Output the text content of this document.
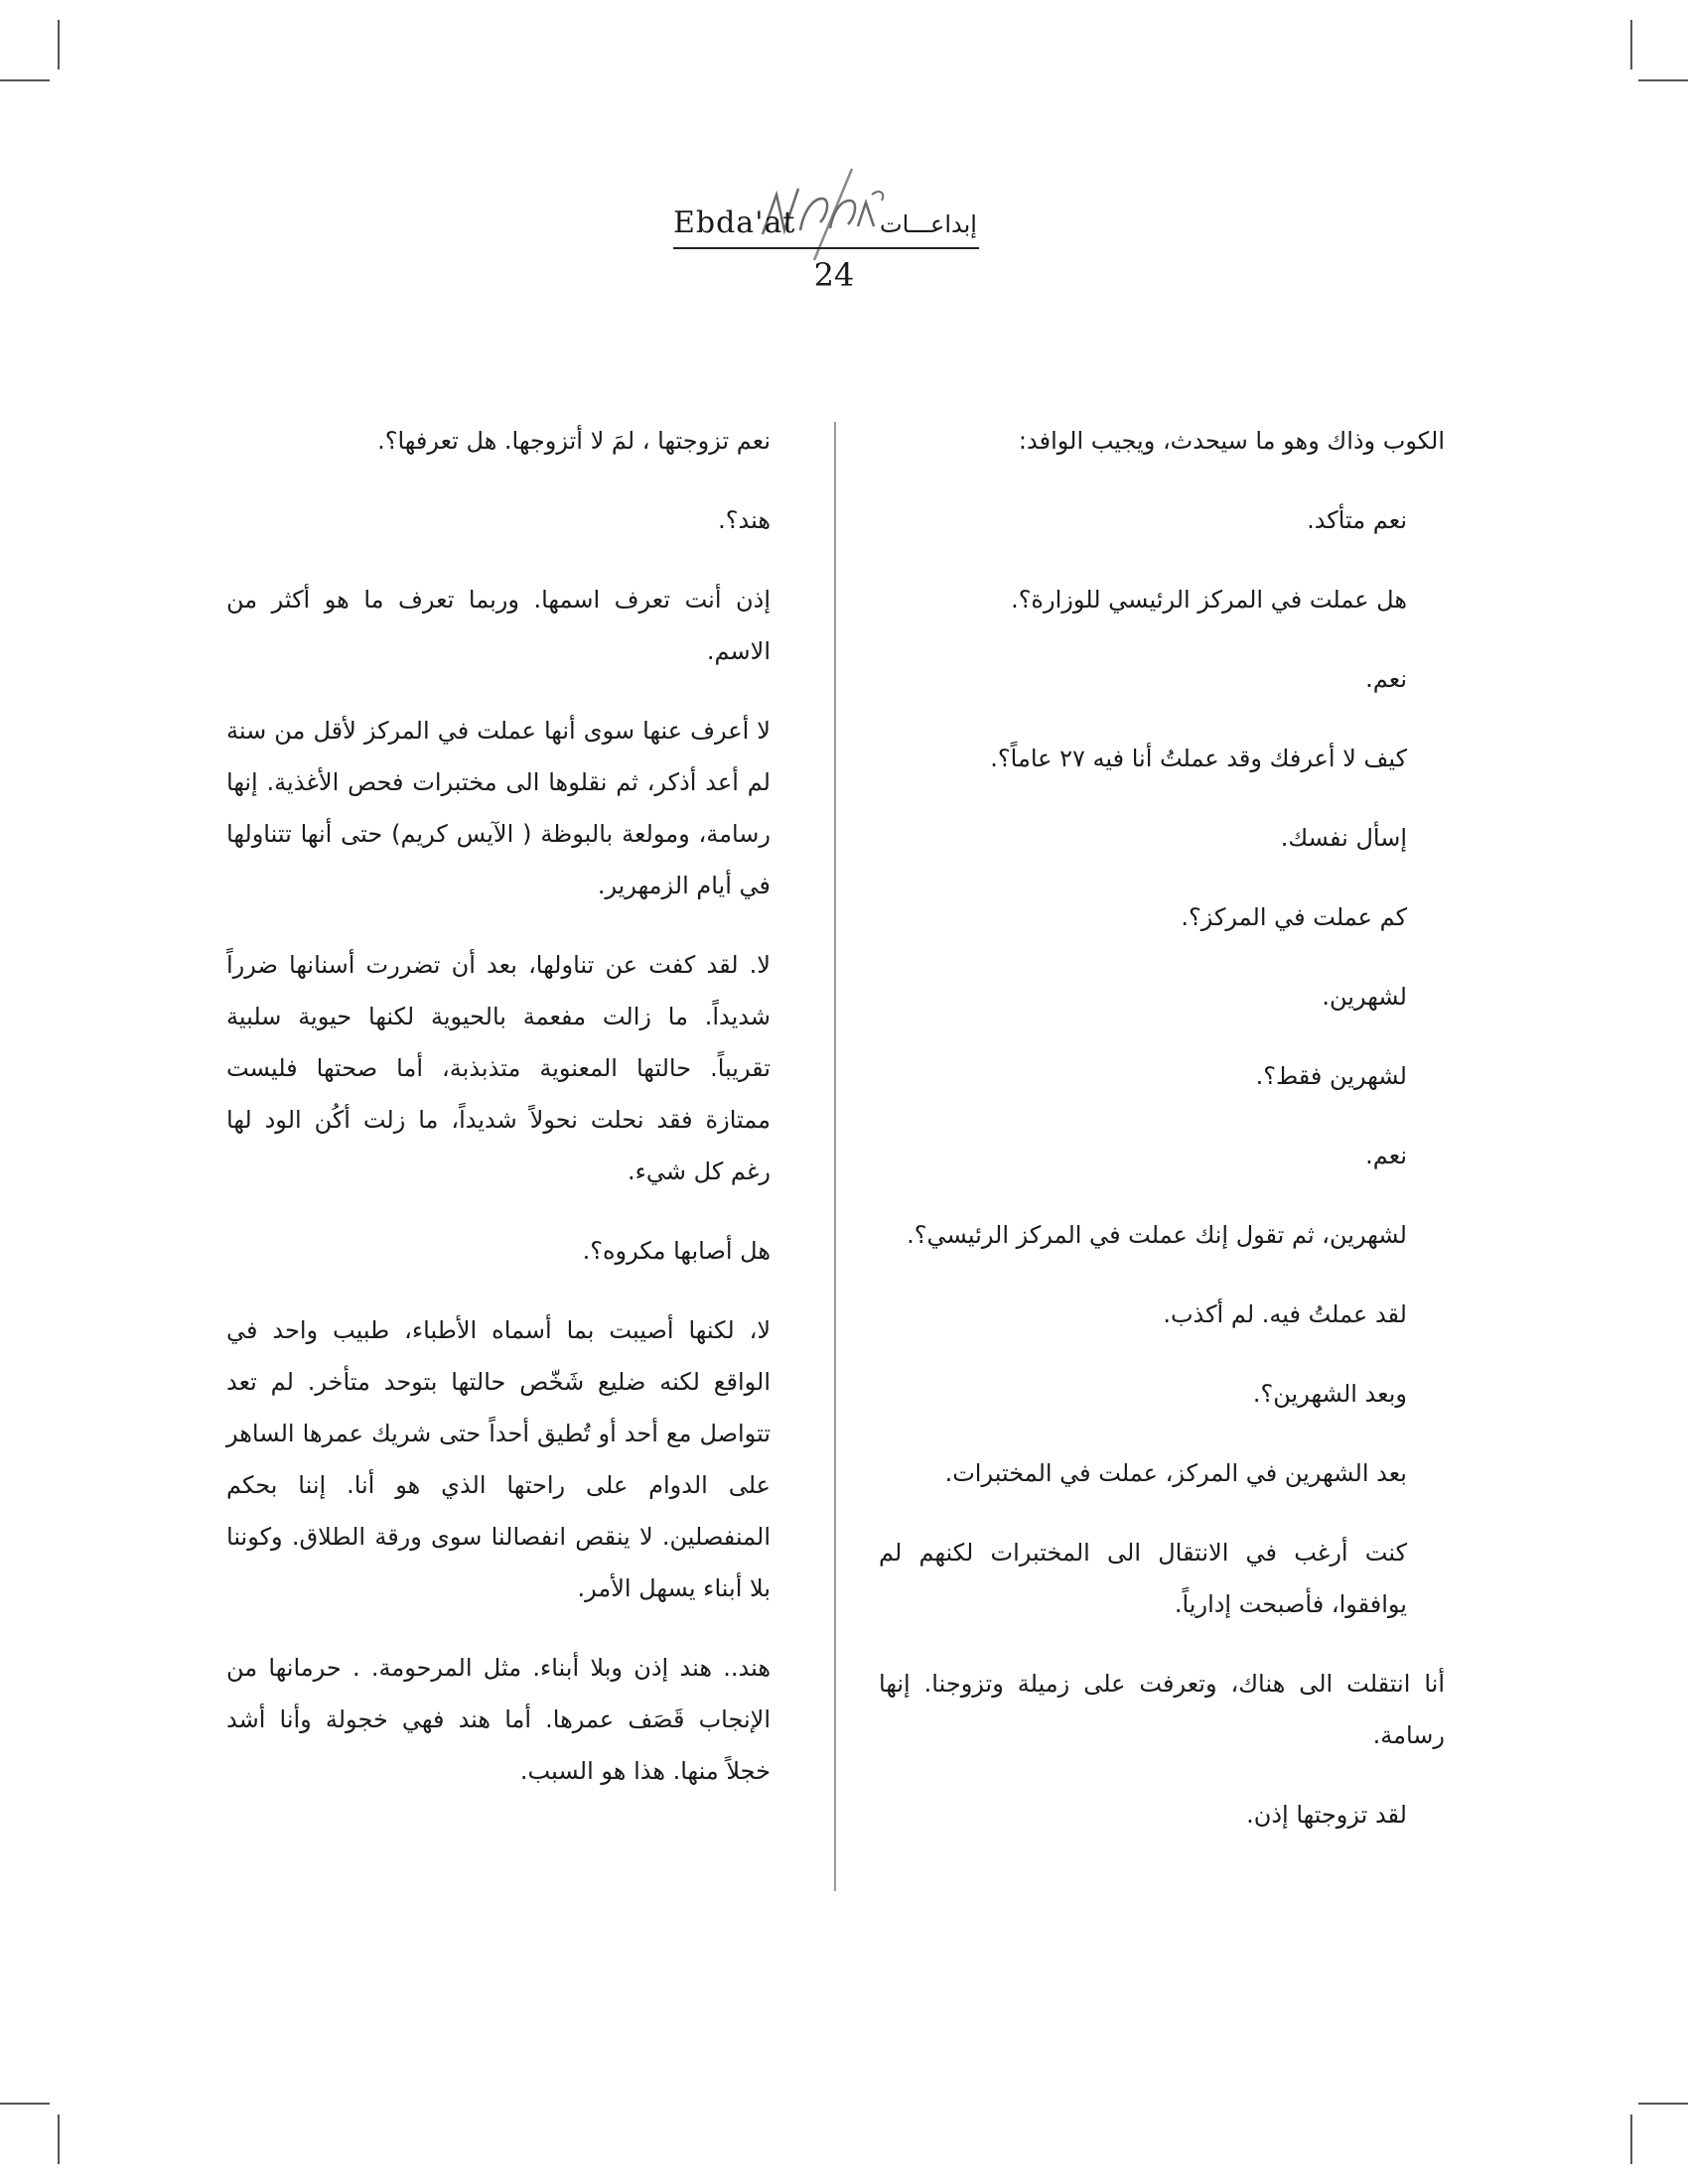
Ebda'at	إبداعـــات
24

الكوب وذاك وهو ما سيحدث، ويجيب الوافد:

نعم متأكد.

هل عملت في المركز الرئيسي للوزارة؟.

نعم.

كيف لا أعرفك وقد عملتُ أنا فيه ٢٧ عاماً؟.

إسأل نفسك.

كم عملت في المركز؟.

لشهرين.

لشهرين فقط؟.

نعم.

لشهرين، ثم تقول إنك عملت في المركز الرئيسي؟.

لقد عملتُ فيه. لم أكذب.

وبعد الشهرين؟.

بعد الشهرين في المركز، عملت في المختبرات.

كنت أرغب في الانتقال الى المختبرات لكنهم لم يوافقوا، فأصبحت إدارياً.

أنا انتقلت الى هناك، وتعرفت على زميلة وتزوجنا. إنها رسامة.

لقد تزوجتها إذن.

نعم تزوجتها ، لمَ لا أتزوجها. هل تعرفها؟.

هند؟.

إذن أنت تعرف اسمها. وربما تعرف ما هو أكثر من الاسم.

لا أعرف عنها سوى أنها عملت في المركز لأقل من سنة لم أعد أذكر، ثم نقلوها الى مختبرات فحص الأغذية. إنها رسامة، ومولعة بالبوظة ( الآيس كريم) حتى أنها تتناولها في أيام الزمهرير.

لا. لقد كفت عن تناولها، بعد أن تضررت أسنانها ضرراً شديداً. ما زالت مفعمة بالحيوية لكنها حيوية سلبية تقريباً. حالتها المعنوية متذبذبة، أما صحتها فليست ممتازة فقد نحلت نحولاً شديداً، ما زلت أكُن الود لها رغم كل شيء.

هل أصابها مكروه؟.

لا، لكنها أصيبت بما أسماه الأطباء، طبيب واحد في الواقع لكنه ضليع شَخّص حالتها بتوحد متأخر. لم تعد تتواصل مع أحد أو تُطيق أحداً حتى شريك عمرها الساهر على الدوام على راحتها الذي هو أنا. إننا بحكم المنفصلين. لا ينقص انفصالنا سوى ورقة الطلاق. وكوننا بلا أبناء يسهل الأمر.

هند.. هند إذن وبلا أبناء. مثل المرحومة. . حرمانها من الإنجاب قَصَف عمرها. أما هند فهي خجولة وأنا أشد خجلاً منها. هذا هو السبب.
